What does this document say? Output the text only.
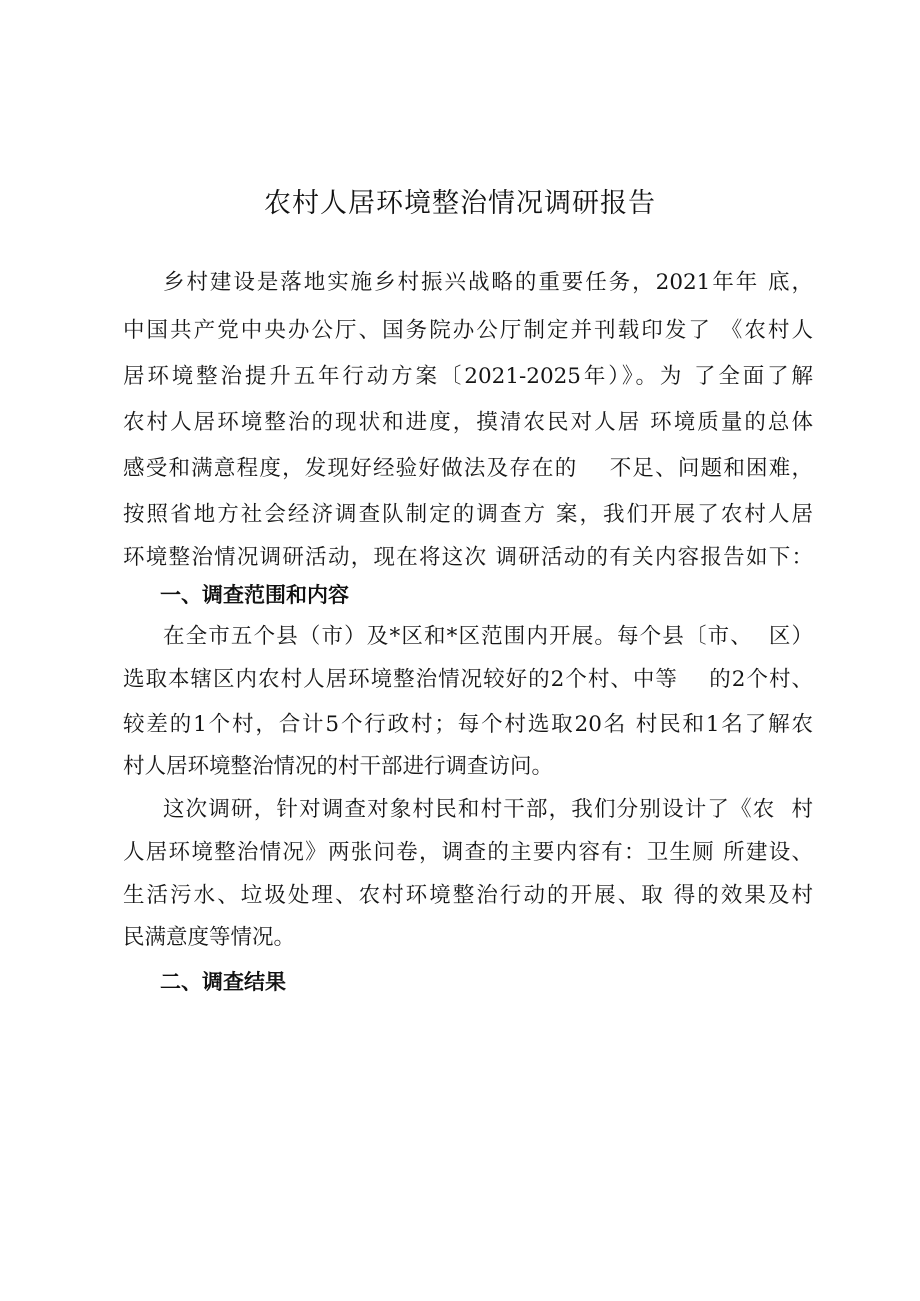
农村人居环境整治情况调研报告
乡村建设是落地实施乡村振兴战略的重要任务，2021年年 底，
中国共产党中央办公厅、国务院办公厅制定并刊载印发了 《农村人
居环境整治提升五年行动方案〔2021-2025年）》。为 了全面了解
农村人居环境整治的现状和进度，摸清农民对人居 环境质量的总体
感受和满意程度，发现好经验好做法及存在的    不足、问题和困难，
按照省地方社会经济调查队制定的调查方 案，我们开展了农村人居
环境整治情况调研活动，现在将这次 调研活动的有关内容报告如下：
一、调查范围和内容
在全市五个县（市）及*区和*区范围内开展。每个县〔市、  区）
选取本辖区内农村人居环境整治情况较好的2个村、中等    的2个村、
较差的1个村，合计5个行政村；每个村选取20名 村民和1名了解农
村人居环境整治情况的村干部进行调查访问。
这次调研，针对调查对象村民和村干部，我们分别设计了《农  村
人居环境整治情况》两张问卷，调查的主要内容有：卫生厕 所建设、
生活污水、垃圾处理、农村环境整治行动的开展、取 得的效果及村
民满意度等情况。
二、调查结果
